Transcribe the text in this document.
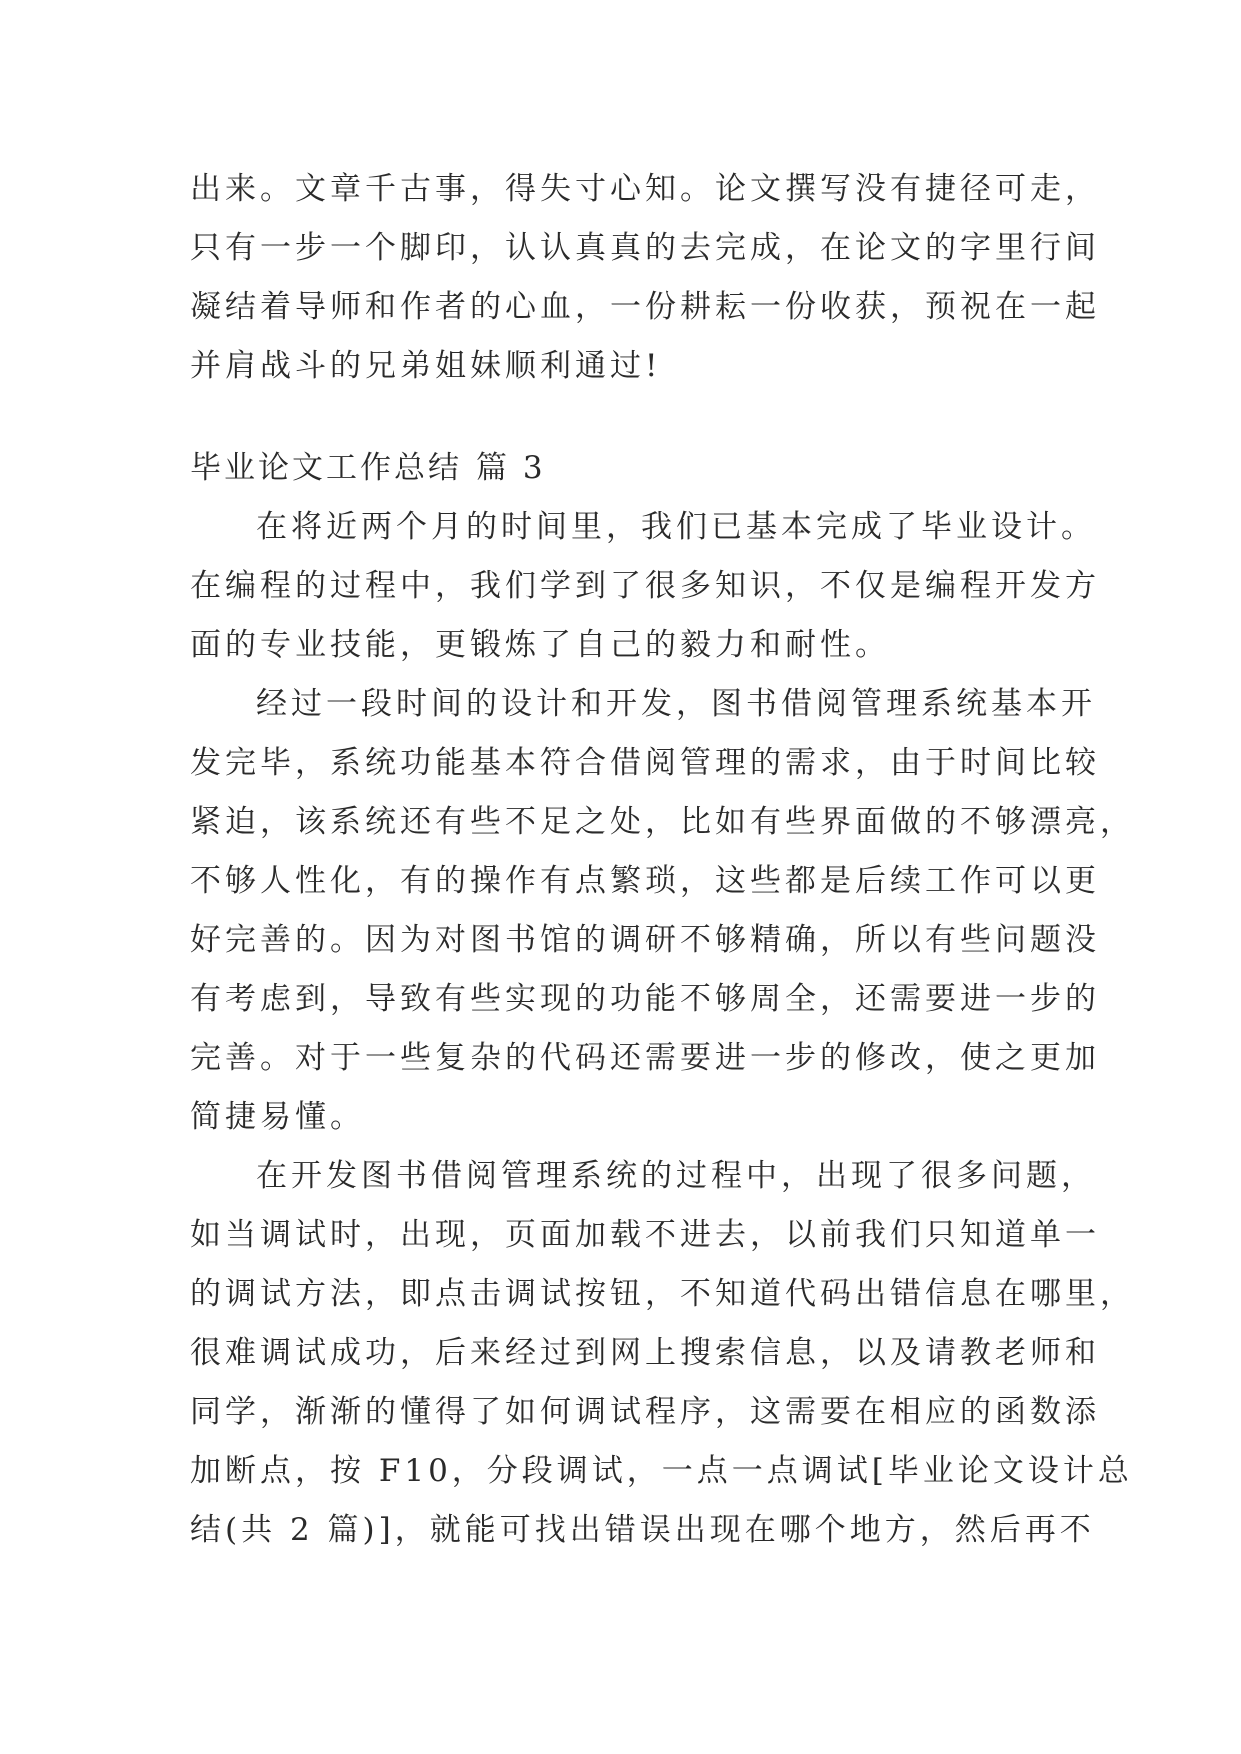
出来。文章千古事，得失寸心知。论文撰写没有捷径可走，
只有一步一个脚印，认认真真的去完成，在论文的字里行间
凝结着导师和作者的心血，一份耕耘一份收获，预祝在一起
并肩战斗的兄弟姐妹顺利通过!
毕业论文工作总结 篇 3
在将近两个月的时间里，我们已基本完成了毕业设计。
在编程的过程中，我们学到了很多知识，不仅是编程开发方
面的专业技能，更锻炼了自己的毅力和耐性。
经过一段时间的设计和开发，图书借阅管理系统基本开
发完毕，系统功能基本符合借阅管理的需求，由于时间比较
紧迫，该系统还有些不足之处，比如有些界面做的不够漂亮，
不够人性化，有的操作有点繁琐，这些都是后续工作可以更
好完善的。因为对图书馆的调研不够精确，所以有些问题没
有考虑到，导致有些实现的功能不够周全，还需要进一步的
完善。对于一些复杂的代码还需要进一步的修改，使之更加
简捷易懂。
在开发图书借阅管理系统的过程中，出现了很多问题，
如当调试时，出现，页面加载不进去，以前我们只知道单一
的调试方法，即点击调试按钮，不知道代码出错信息在哪里，
很难调试成功，后来经过到网上搜索信息，以及请教老师和
同学，渐渐的懂得了如何调试程序，这需要在相应的函数添
加断点，按 F10，分段调试，一点一点调试[毕业论文设计总
结(共 2 篇)]，就能可找出错误出现在哪个地方，然后再不
